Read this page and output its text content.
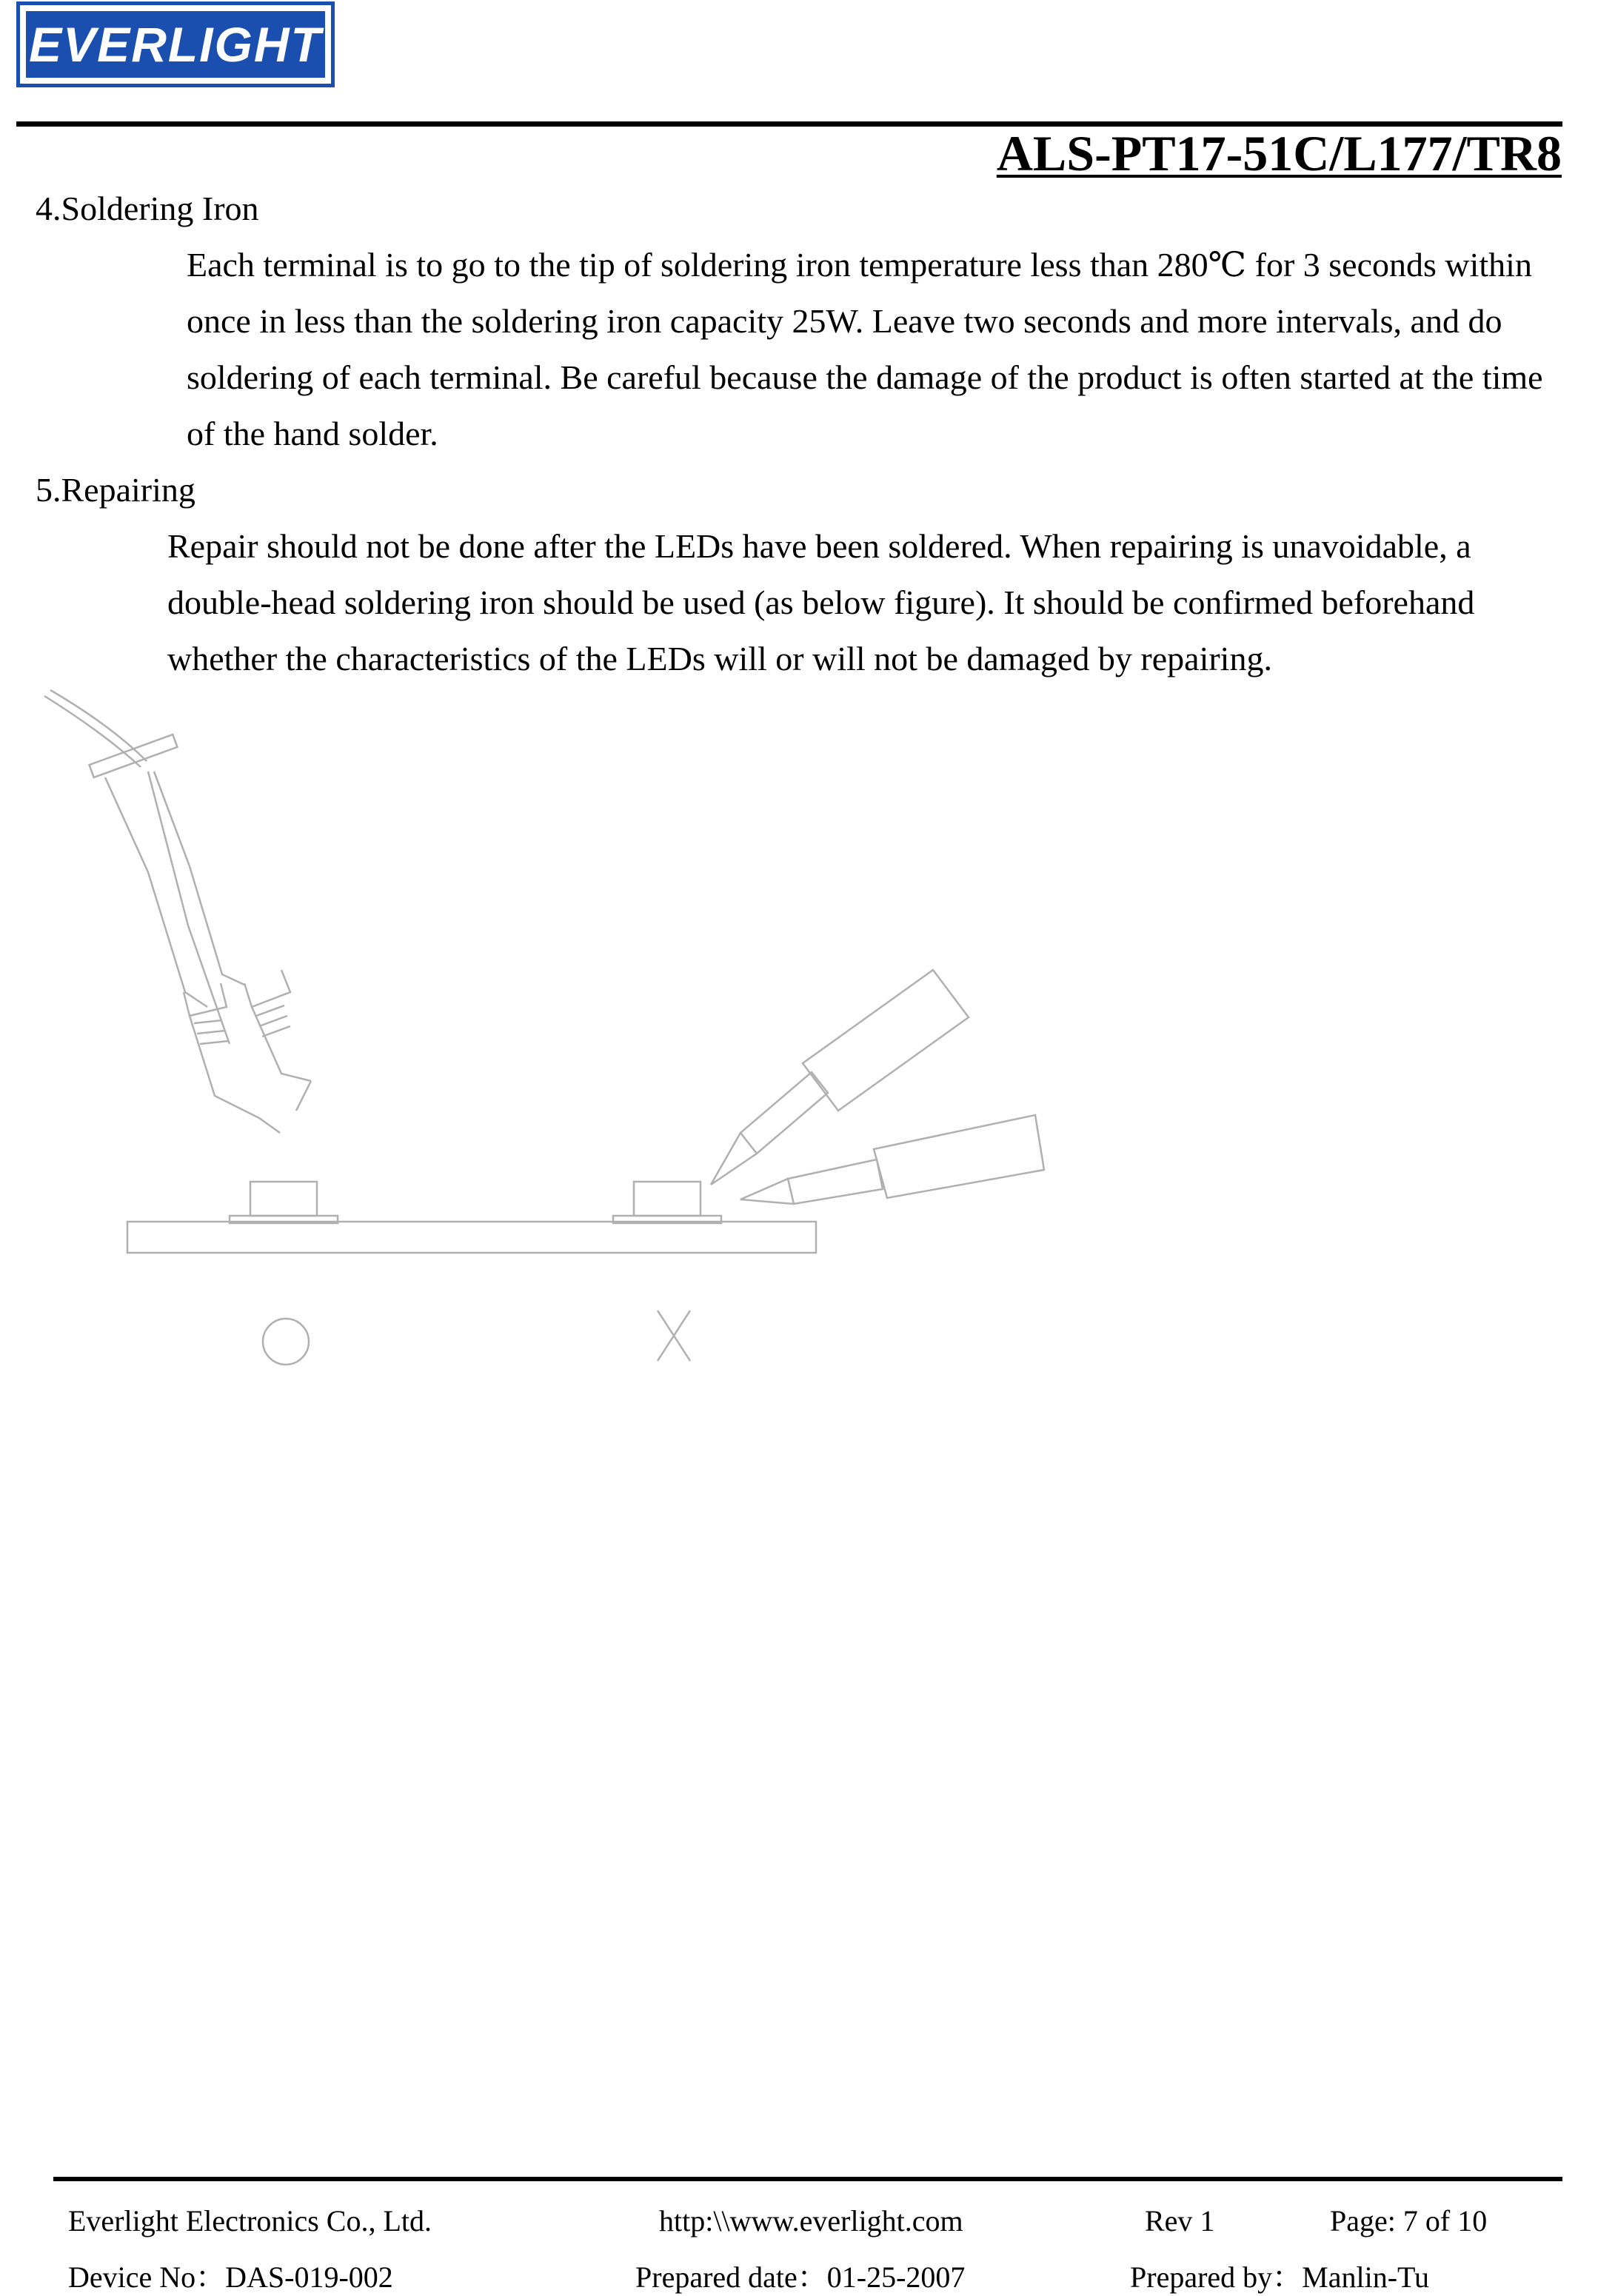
EVERLIGHT
ALS-PT17-51C/L177/TR8
4.Soldering Iron
Each terminal is to go to the tip of soldering iron temperature less than 280℃ for 3 seconds within once in less than the soldering iron capacity 25W. Leave two seconds and more intervals, and do soldering of each terminal. Be careful because the damage of the product is often started at the time of the hand solder.
5.Repairing
Repair should not be done after the LEDs have been soldered. When repairing is unavoidable, a double-head soldering iron should be used (as below figure). It should be confirmed beforehand whether the characteristics of the LEDs will or will not be damaged by repairing.
Everlight Electronics Co., Ltd.	http:\\www.everlight.com	Rev 1	Page: 7 of 10
Device No：DAS-019-002	Prepared date：01-25-2007	Prepared by：Manlin-Tu
